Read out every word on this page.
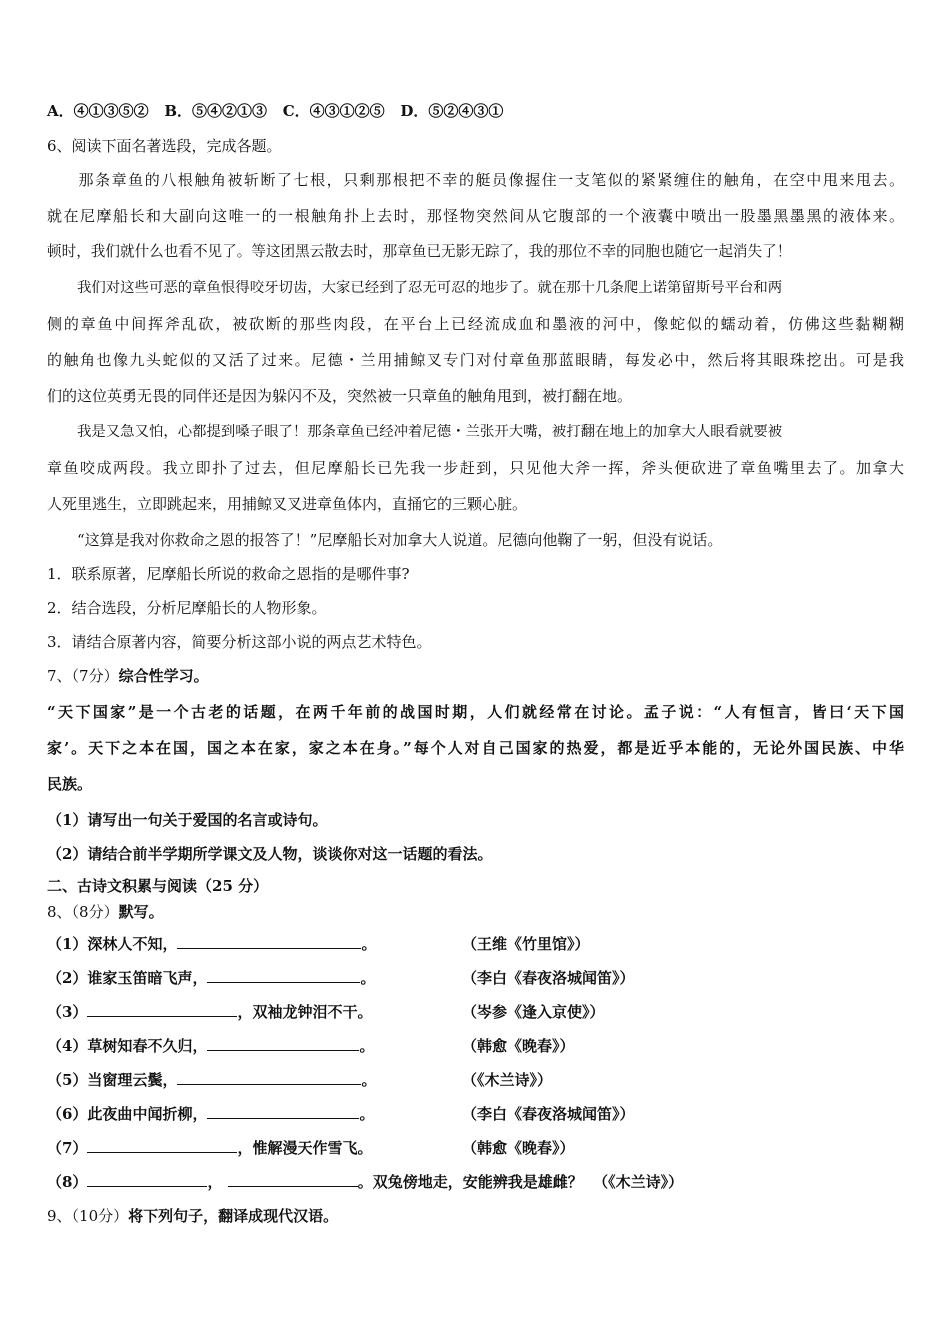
A．④①③⑤② B．⑤④②①③ C．④③①②⑤ D．⑤②④③①
6、阅读下面名著选段，完成各题。
那条章鱼的八根触角被斩断了七根，只剩那根把不幸的艇员像握住一支笔似的紧紧缠住的触角，在空中甩来甩去。
就在尼摩船长和大副向这唯一的一根触角扑上去时，那怪物突然间从它腹部的一个液囊中喷出一股墨黑墨黑的液体来。
顿时，我们就什么也看不见了。等这团黑云散去时，那章鱼已无影无踪了，我的那位不幸的同胞也随它一起消失了！
我们对这些可恶的章鱼恨得咬牙切齿，大家已经到了忍无可忍的地步了。就在那十几条爬上诺第留斯号平台和两
侧的章鱼中间挥斧乱砍，被砍断的那些肉段，在平台上已经流成血和墨液的河中，像蛇似的蠕动着，仿佛这些黏糊糊
的触角也像九头蛇似的又活了过来。尼德・兰用捕鲸叉专门对付章鱼那蓝眼睛，每发必中，然后将其眼珠挖出。可是我
们的这位英勇无畏的同伴还是因为躲闪不及，突然被一只章鱼的触角甩到，被打翻在地。
我是又急又怕，心都提到嗓子眼了！那条章鱼已经冲着尼德・兰张开大嘴，被打翻在地上的加拿大人眼看就要被
章鱼咬成两段。我立即扑了过去，但尼摩船长已先我一步赶到，只见他大斧一挥，斧头便砍进了章鱼嘴里去了。加拿大
人死里逃生，立即跳起来，用捕鲸叉叉进章鱼体内，直捅它的三颗心脏。
“这算是我对你救命之恩的报答了！”尼摩船长对加拿大人说道。尼德向他鞠了一躬，但没有说话。
1．联系原著，尼摩船长所说的救命之恩指的是哪件事?
2．结合选段，分析尼摩船长的人物形象。
3．请结合原著内容，简要分析这部小说的两点艺术特色。
7、（7分）综合性学习。
“天下国家”是一个古老的话题，在两千年前的战国时期，人们就经常在讨论。孟子说：“人有恒言，皆曰‘天下国
家’。天下之本在国，国之本在家，家之本在身。”每个人对自己国家的热爱，都是近乎本能的，无论外国民族、中华
民族。
（1）请写出一句关于爱国的名言或诗句。
（2）请结合前半学期所学课文及人物，谈谈你对这一话题的看法。
二、古诗文积累与阅读（25 分）
8、（8分）默写。
（1）深林人不知，	。	（王维《竹里馆》）
（2）谁家玉笛暗飞声，	。	（李白《春夜洛城闻笛》）
（3）	，双袖龙钟泪不干。	（岑参《逢入京使》）
（4）草树知春不久归，	。	（韩愈《晚春》）
（5）当窗理云鬓，	。	（《木兰诗》）
（6）此夜曲中闻折柳，	。	（李白《春夜洛城闻笛》）
（7）	，惟解漫天作雪飞。	（韩愈《晚春》）
（8）	，	。双兔傍地走，安能辨我是雄雌？ （《木兰诗》）
9、（10分）将下列句子，翻译成现代汉语。
